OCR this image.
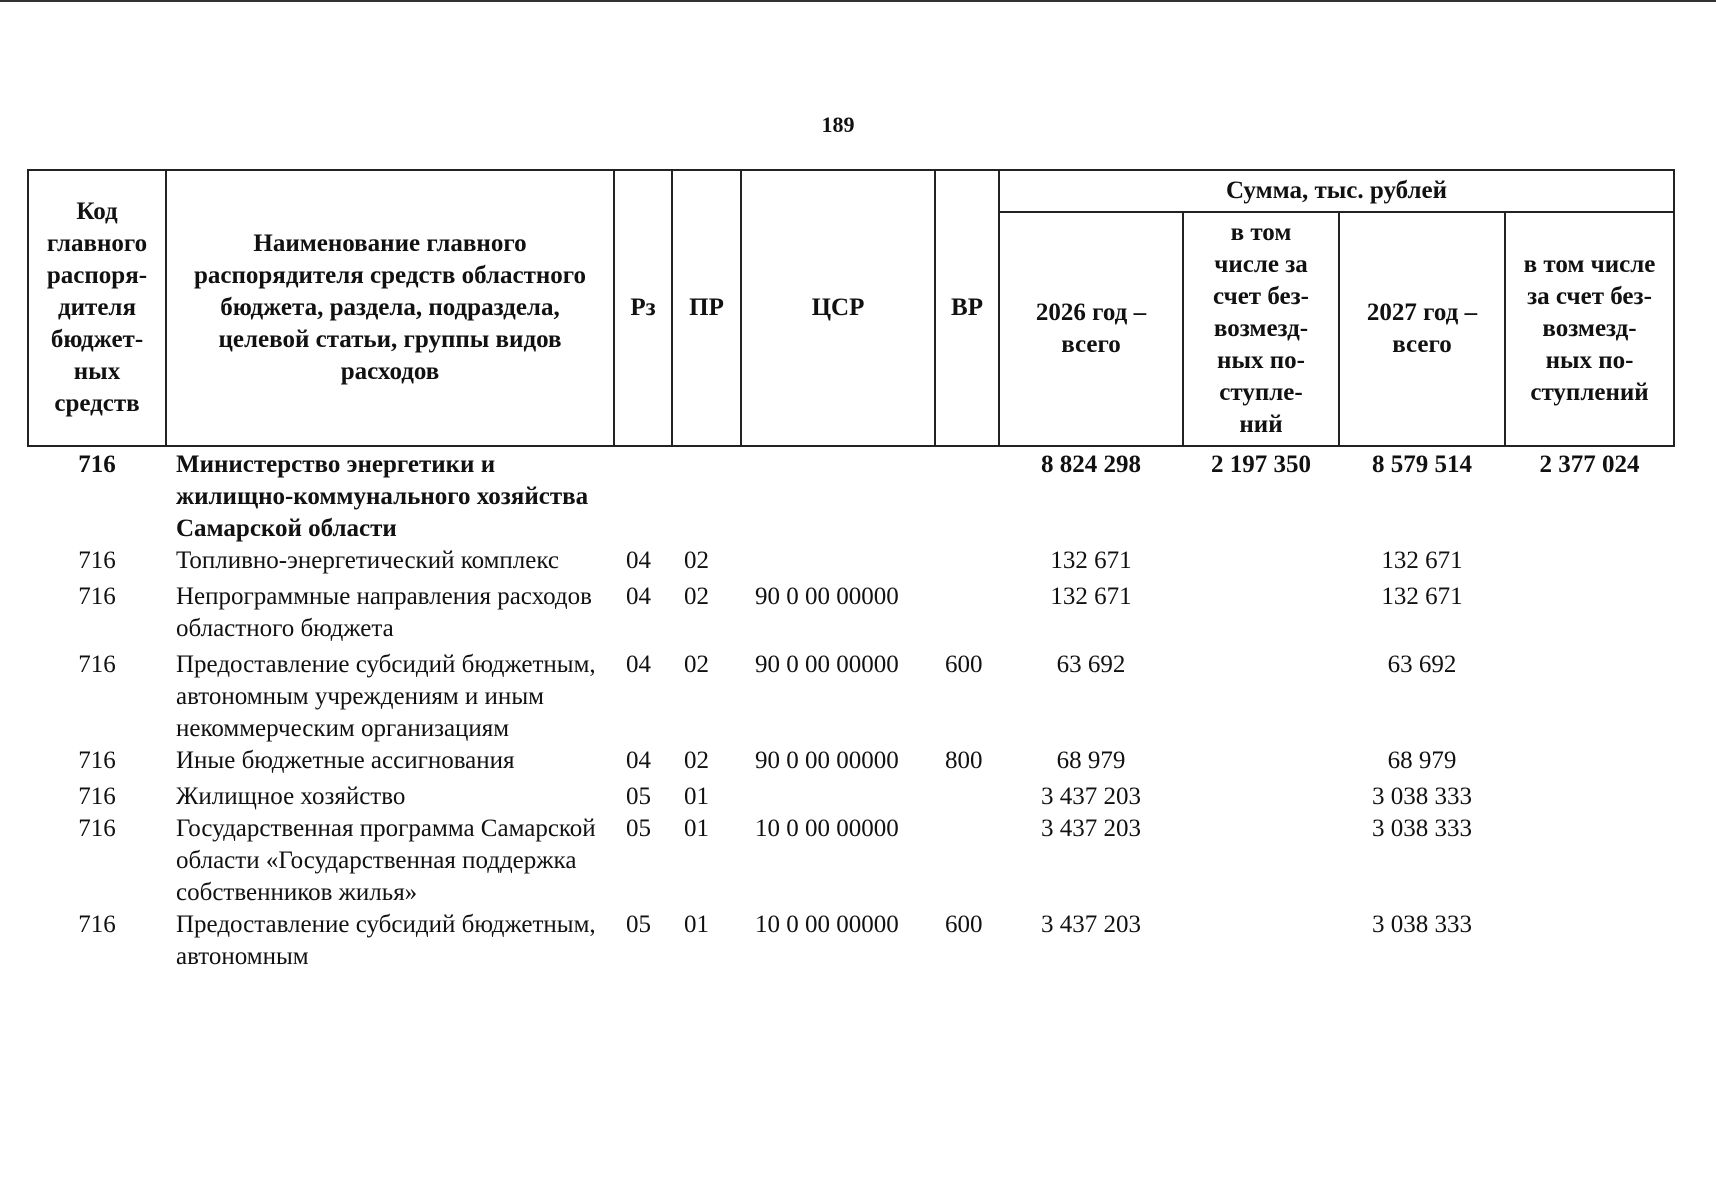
189
Код главного распоря-дителя бюджет-ных средств	Наименование главного распорядителя средств областного бюджета, раздела, подраздела, целевой статьи, группы видов расходов	Рз	ПР	ЦСР	ВР	Сумма, тыс. рублей			
						2026 год – всего	в том числе за счет без-возмезд-ных по-ступле-ний	2027 год – всего	в том числе за счет без-возмезд-ных по-ступлений
716	Министерство энергетики и жилищно-коммунального хозяйства Самарской области					8 824 298	2 197 350	8 579 514	2 377 024
716	Топливно-энергетический комплекс	04	02			132 671		132 671	
716	Непрограммные направления расходов областного бюджета	04	02	90 0 00 00000		132 671		132 671	
716	Предоставление субсидий бюджетным, автономным учреждениям и иным некоммерческим организациям	04	02	90 0 00 00000	600	63 692		63 692	
716	Иные бюджетные ассигнования	04	02	90 0 00 00000	800	68 979		68 979	
716	Жилищное хозяйство	05	01			3 437 203		3 038 333	
716	Государственная программа Самарской области «Государственная поддержка собственников жилья»	05	01	10 0 00 00000		3 437 203		3 038 333	
716	Предоставление субсидий бюджетным, автономным	05	01	10 0 00 00000	600	3 437 203		3 038 333	
